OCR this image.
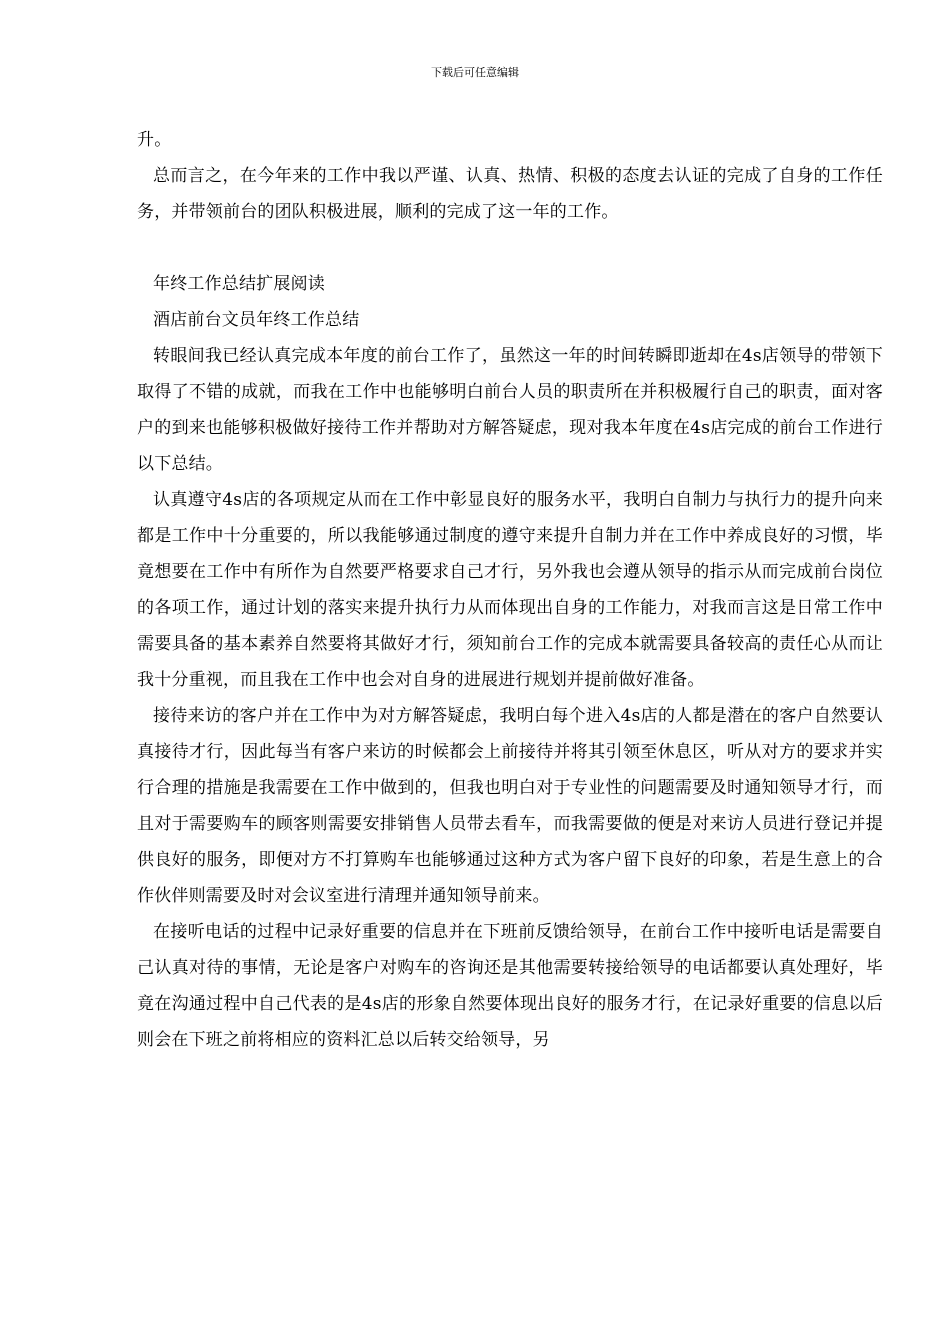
下载后可任意编辑

升。

总而言之，在今年来的工作中我以严谨、认真、热情、积极的态度去认证的完成了自身的工作任务，并带领前台的团队积极进展，顺利的完成了这一年的工作。

年终工作总结扩展阅读

酒店前台文员年终工作总结

转眼间我已经认真完成本年度的前台工作了，虽然这一年的时间转瞬即逝却在4s店领导的带领下取得了不错的成就，而我在工作中也能够明白前台人员的职责所在并积极履行自己的职责，面对客户的到来也能够积极做好接待工作并帮助对方解答疑虑，现对我本年度在4s店完成的前台工作进行以下总结。

认真遵守4s店的各项规定从而在工作中彰显良好的服务水平，我明白自制力与执行力的提升向来都是工作中十分重要的，所以我能够通过制度的遵守来提升自制力并在工作中养成良好的习惯，毕竟想要在工作中有所作为自然要严格要求自己才行，另外我也会遵从领导的指示从而完成前台岗位的各项工作，通过计划的落实来提升执行力从而体现出自身的工作能力，对我而言这是日常工作中需要具备的基本素养自然要将其做好才行，须知前台工作的完成本就需要具备较高的责任心从而让我十分重视，而且我在工作中也会对自身的进展进行规划并提前做好准备。

接待来访的客户并在工作中为对方解答疑虑，我明白每个进入4s店的人都是潜在的客户自然要认真接待才行，因此每当有客户来访的时候都会上前接待并将其引领至休息区，听从对方的要求并实行合理的措施是我需要在工作中做到的，但我也明白对于专业性的问题需要及时通知领导才行，而且对于需要购车的顾客则需要安排销售人员带去看车，而我需要做的便是对来访人员进行登记并提供良好的服务，即便对方不打算购车也能够通过这种方式为客户留下良好的印象，若是生意上的合作伙伴则需要及时对会议室进行清理并通知领导前来。

在接听电话的过程中记录好重要的信息并在下班前反馈给领导，在前台工作中接听电话是需要自己认真对待的事情，无论是客户对购车的咨询还是其他需要转接给领导的电话都要认真处理好，毕竟在沟通过程中自己代表的是4s店的形象自然要体现出良好的服务才行，在记录好重要的信息以后则会在下班之前将相应的资料汇总以后转交给领导，另
